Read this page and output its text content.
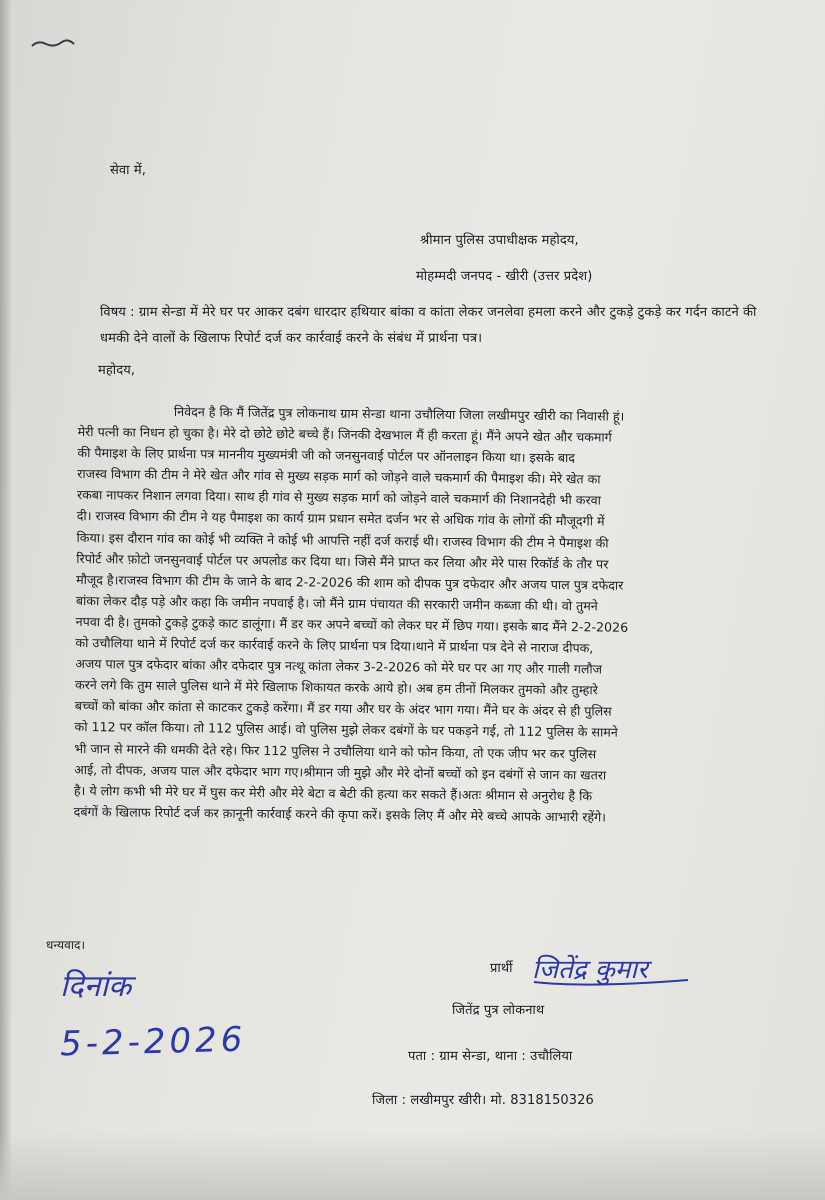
सेवा में,
श्रीमान पुलिस उपाधीक्षक महोदय,
मोहम्मदी जनपद - खीरी (उत्तर प्रदेश)
विषय : ग्राम सेन्डा में मेरे घर पर आकर दबंग धारदार हथियार बांका व कांता लेकर जनलेवा हमला करने और टुकड़े टुकड़े कर गर्दन काटने की धमकी देने वालों के खिलाफ रिपोर्ट दर्ज कर कार्रवाई करने के संबंध में प्रार्थना पत्र।
महोदय,
निवेदन है कि मैं जितेंद्र पुत्र लोकनाथ ग्राम सेन्डा थाना उचौलिया जिला लखीमपुर खीरी का निवासी हूं।
मेरी पत्नी का निधन हो चुका है। मेरे दो छोटे छोटे बच्चे हैं। जिनकी देखभाल मैं ही करता हूं। मैंने अपने खेत और चकमार्ग
की पैमाइश के लिए प्रार्थना पत्र माननीय मुख्यमंत्री जी को जनसुनवाई पोर्टल पर ऑनलाइन किया था। इसके बाद
राजस्व विभाग की टीम ने मेरे खेत और गांव से मुख्य सड़क मार्ग को जोड़ने वाले चकमार्ग की पैमाइश की। मेरे खेत का
रकबा नापकर निशान लगवा दिया। साथ ही गांव से मुख्य सड़क मार्ग को जोड़ने वाले चकमार्ग की निशानदेही भी करवा
दी। राजस्व विभाग की टीम ने यह पैमाइश का कार्य ग्राम प्रधान समेत दर्जन भर से अधिक गांव के लोगों की मौजूदगी में
किया। इस दौरान गांव का कोई भी व्यक्ति ने कोई भी आपत्ति नहीं दर्ज कराई थी। राजस्व विभाग की टीम ने पैमाइश की
रिपोर्ट और फ़ोटो जनसुनवाई पोर्टल पर अपलोड कर दिया था। जिसे मैंने प्राप्त कर लिया और मेरे पास रिकॉर्ड के तौर पर
मौजूद है।राजस्व विभाग की टीम के जाने के बाद 2-2-2026 की शाम को दीपक पुत्र दफेदार और अजय पाल पुत्र दफेदार
बांका लेकर दौड़ पड़े और कहा कि जमीन नपवाई है। जो मैंने ग्राम पंचायत की सरकारी जमीन कब्जा की थी। वो तुमने
नपवा दी है। तुमको टुकड़े टुकड़े काट डालूंगा। मैं डर कर अपने बच्चों को लेकर घर में छिप गया। इसके बाद मैंने 2-2-2026
को उचौलिया थाने में रिपोर्ट दर्ज कर कार्रवाई करने के लिए प्रार्थना पत्र दिया।थाने में प्रार्थना पत्र देने से नाराज दीपक,
अजय पाल पुत्र दफेदार बांका और दफेदार पुत्र नत्थू कांता लेकर 3-2-2026 को मेरे घर पर आ गए और गाली गलौज
करने लगे कि तुम साले पुलिस थाने में मेरे खिलाफ शिकायत करके आये हो। अब हम तीनों मिलकर तुमको और तुम्हारे
बच्चों को बांका और कांता से काटकर टुकड़े करेंगा। मैं डर गया और घर के अंदर भाग गया। मैंने घर के अंदर से ही पुलिस
को 112 पर कॉल किया। तो 112 पुलिस आई। वो पुलिस मुझे लेकर दबंगों के घर पकड़ने गई, तो 112 पुलिस के सामने
भी जान से मारने की धमकी देते रहे। फिर 112 पुलिस ने उचौलिया थाने को फोन किया, तो एक जीप भर कर पुलिस
आई, तो दीपक, अजय पाल और दफेदार भाग गए।श्रीमान जी मुझे और मेरे दोनों बच्चों को इन दबंगों से जान का खतरा
है। ये लोग कभी भी मेरे घर में घुस कर मेरी और मेरे बेटा व बेटी की हत्या कर सकते हैं।अतः श्रीमान से अनुरोध है कि
दबंगों के खिलाफ रिपोर्ट दर्ज कर क़ानूनी कार्रवाई करने की कृपा करें। इसके लिए मैं और मेरे बच्चे आपके आभारी रहेंगे।
धन्यवाद।
दिनांक
5-2-2026
प्रार्थी जितेंद्र कुमार
जितेंद्र पुत्र लोकनाथ
पता : ग्राम सेन्डा, थाना : उचौलिया
जिला : लखीमपुर खीरी। मो. 8318150326
